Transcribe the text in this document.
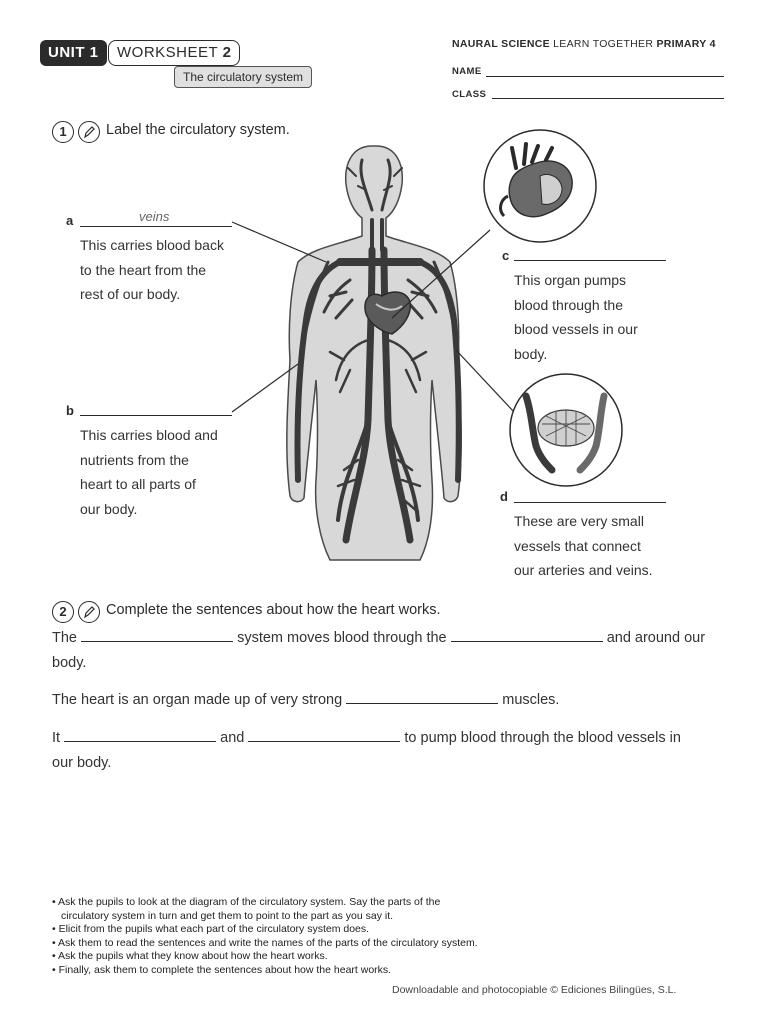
UNIT 1	WORKSHEET 2
The circulatory system
NAURAL SCIENCE LEARN TOGETHER PRIMARY 4
NAME
CLASS
1	Label the circulatory system.
a	veins
This carries blood back
to the heart from the
rest of our body.
b
This carries blood and
nutrients from the
heart to all parts of
our body.
c
This organ pumps
blood through the
blood vessels in our
body.
d
These are very small
vessels that connect
our arteries and veins.
2	Complete the sentences about how the heart works.
The	system moves blood through the	and around our
body.
The heart is an organ made up of very strong	muscles.
It	and	to pump blood through the blood vessels in
our body.
• Ask the pupils to look at the diagram of the circulatory system. Say the parts of the
circulatory system in turn and get them to point to the part as you say it.
• Elicit from the pupils what each part of the circulatory system does.
• Ask them to read the sentences and write the names of the parts of the circulatory system.
• Ask the pupils what they know about how the heart works.
• Finally, ask them to complete the sentences about how the heart works.
Downloadable and photocopiable © Ediciones Bilingües, S.L.
